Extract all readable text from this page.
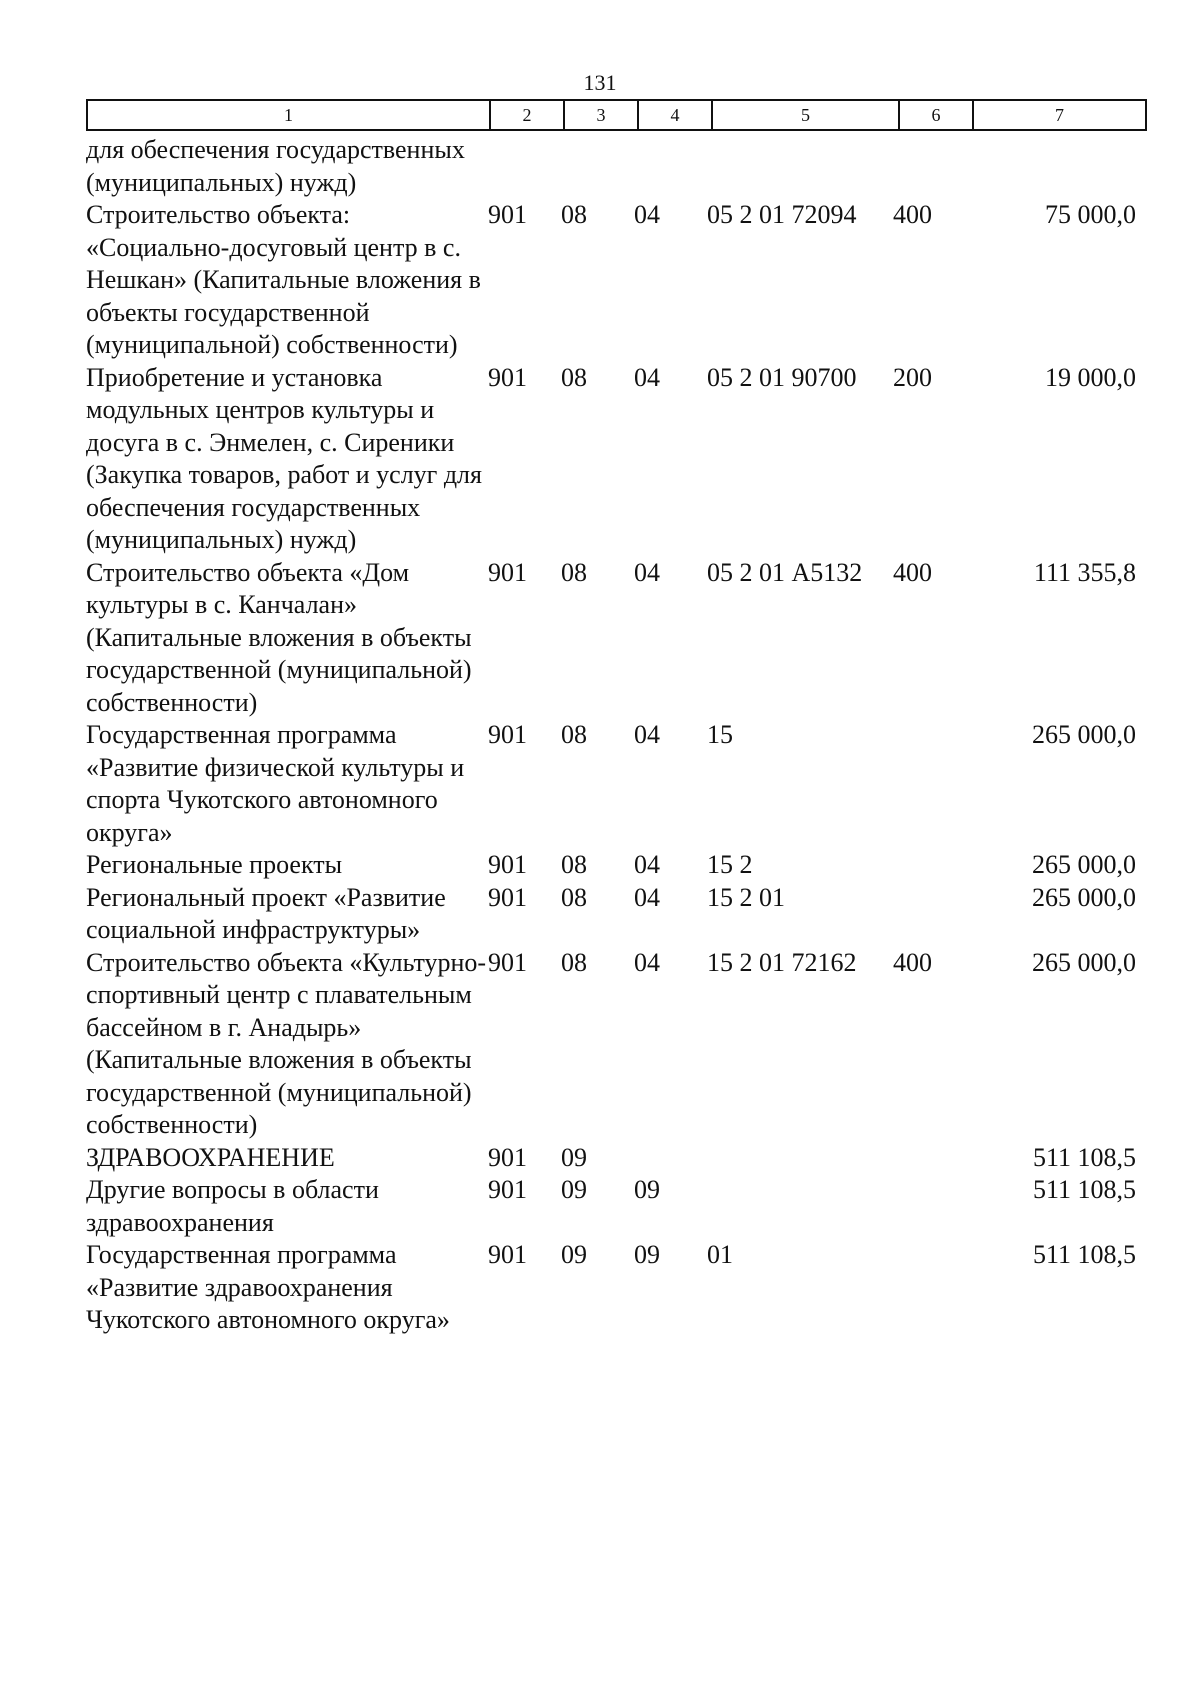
131
1	2	3	4	5	6	7
для обеспечения государственных (муниципальных) нужд)						
Строительство объекта: «Социально-досуговый центр в с. Нешкан» (Капитальные вложения в объекты государственной (муниципальной) собственности)	901	08	04	05 2 01 72094	400	75 000,0
Приобретение и установка модульных центров культуры и досуга в с. Энмелен, с. Сиреники (Закупка товаров, работ и услуг для обеспечения государственных (муниципальных) нужд)	901	08	04	05 2 01 90700	200	19 000,0
Строительство объекта «Дом культуры в с. Канчалан» (Капитальные вложения в объекты государственной (муниципальной) собственности)	901	08	04	05 2 01 А5132	400	111 355,8
Государственная программа «Развитие физической культуры и спорта Чукотского автономного округа»	901	08	04	15		265 000,0
Региональные проекты	901	08	04	15 2		265 000,0
Региональный проект «Развитие социальной инфраструктуры»	901	08	04	15 2 01		265 000,0
Строительство объекта «Культурно-спортивный центр с плавательным бассейном в г. Анадырь» (Капитальные вложения в объекты государственной (муниципальной) собственности)	901	08	04	15 2 01 72162	400	265 000,0
ЗДРАВООХРАНЕНИЕ	901	09				511 108,5
Другие вопросы в области здравоохранения	901	09	09			511 108,5
Государственная программа «Развитие здравоохранения Чукотского автономного округа»	901	09	09	01		511 108,5
